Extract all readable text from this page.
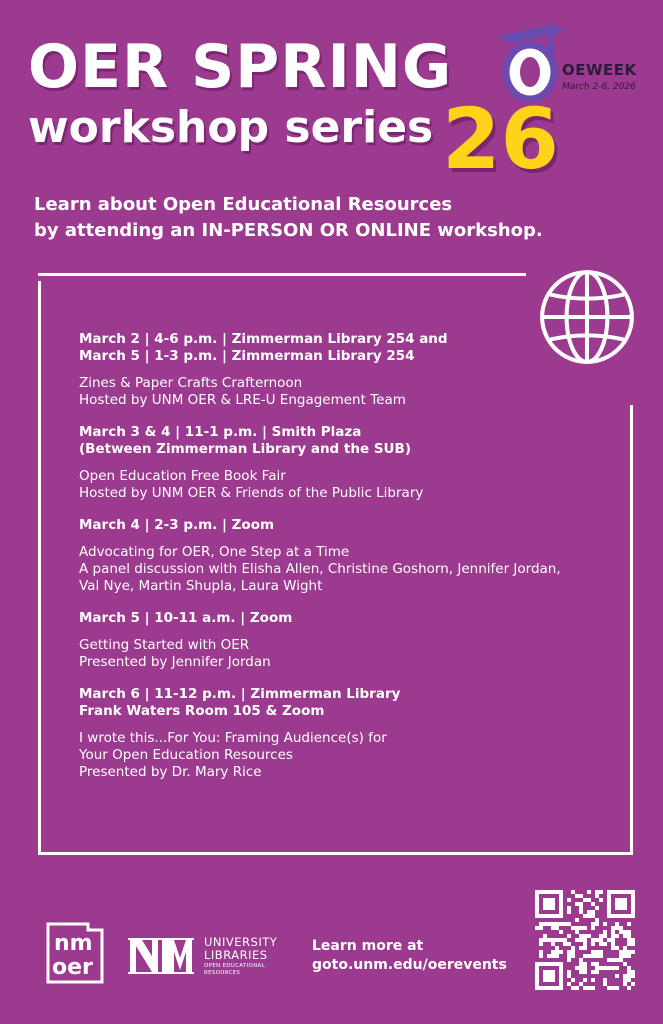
OEWEEK
March 2-6, 2026
OER SPRING
workshop series 26
Learn about Open Educational Resources
by attending an IN-PERSON OR ONLINE workshop.

March 2 | 4-6 p.m. | Zimmerman Library 254 and
March 5 | 1-3 p.m. | Zimmerman Library 254

Zines & Paper Crafts Crafternoon
Hosted by UNM OER & LRE-U Engagement Team

March 3 & 4 | 11-1 p.m. | Smith Plaza
(Between Zimmerman Library and the SUB)

Open Education Free Book Fair
Hosted by UNM OER & Friends of the Public Library

March 4 | 2-3 p.m. | Zoom

Advocating for OER, One Step at a Time
A panel discussion with Elisha Allen, Christine Goshorn, Jennifer Jordan,
Val Nye, Martin Shupla, Laura Wight

March 5 | 10-11 a.m. | Zoom

Getting Started with OER
Presented by Jennifer Jordan

March 6 | 11-12 p.m. | Zimmerman Library
Frank Waters Room 105 & Zoom

I wrote this...For You: Framing Audience(s) for
Your Open Education Resources
Presented by Dr. Mary Rice

nm
oer
UNIVERSITY
LIBRARIES
OPEN EDUCATIONAL
RESOURCES
Learn more at
goto.unm.edu/oerevents
